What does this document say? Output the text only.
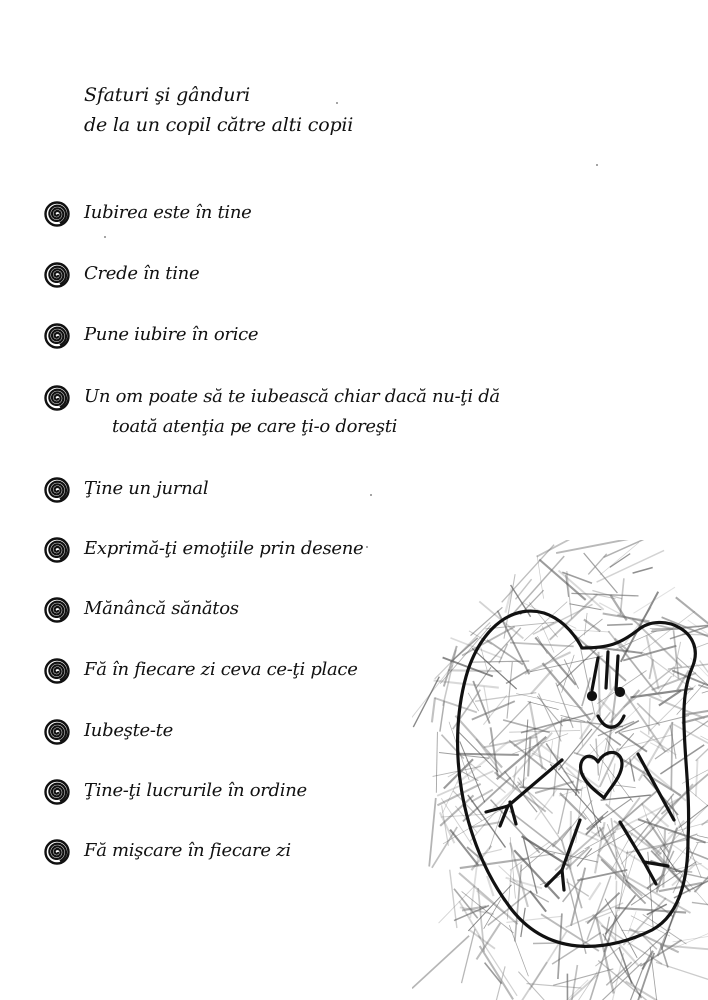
Sfaturi şi gânduri
de la un copil către alti copii
Iubirea este în tine
Crede în tine
Pune iubire în orice
Un om poate să te iubească chiar dacă nu-ţi dă
toată atenţia pe care ţi-o doreşti
Ţine un jurnal
Exprimă-ţi emoţiile prin desene
Mănâncă sănătos
Fă în fiecare zi ceva ce-ţi place
Iubeşte-te
Ţine-ţi lucrurile în ordine
Fă mişcare în fiecare zi
